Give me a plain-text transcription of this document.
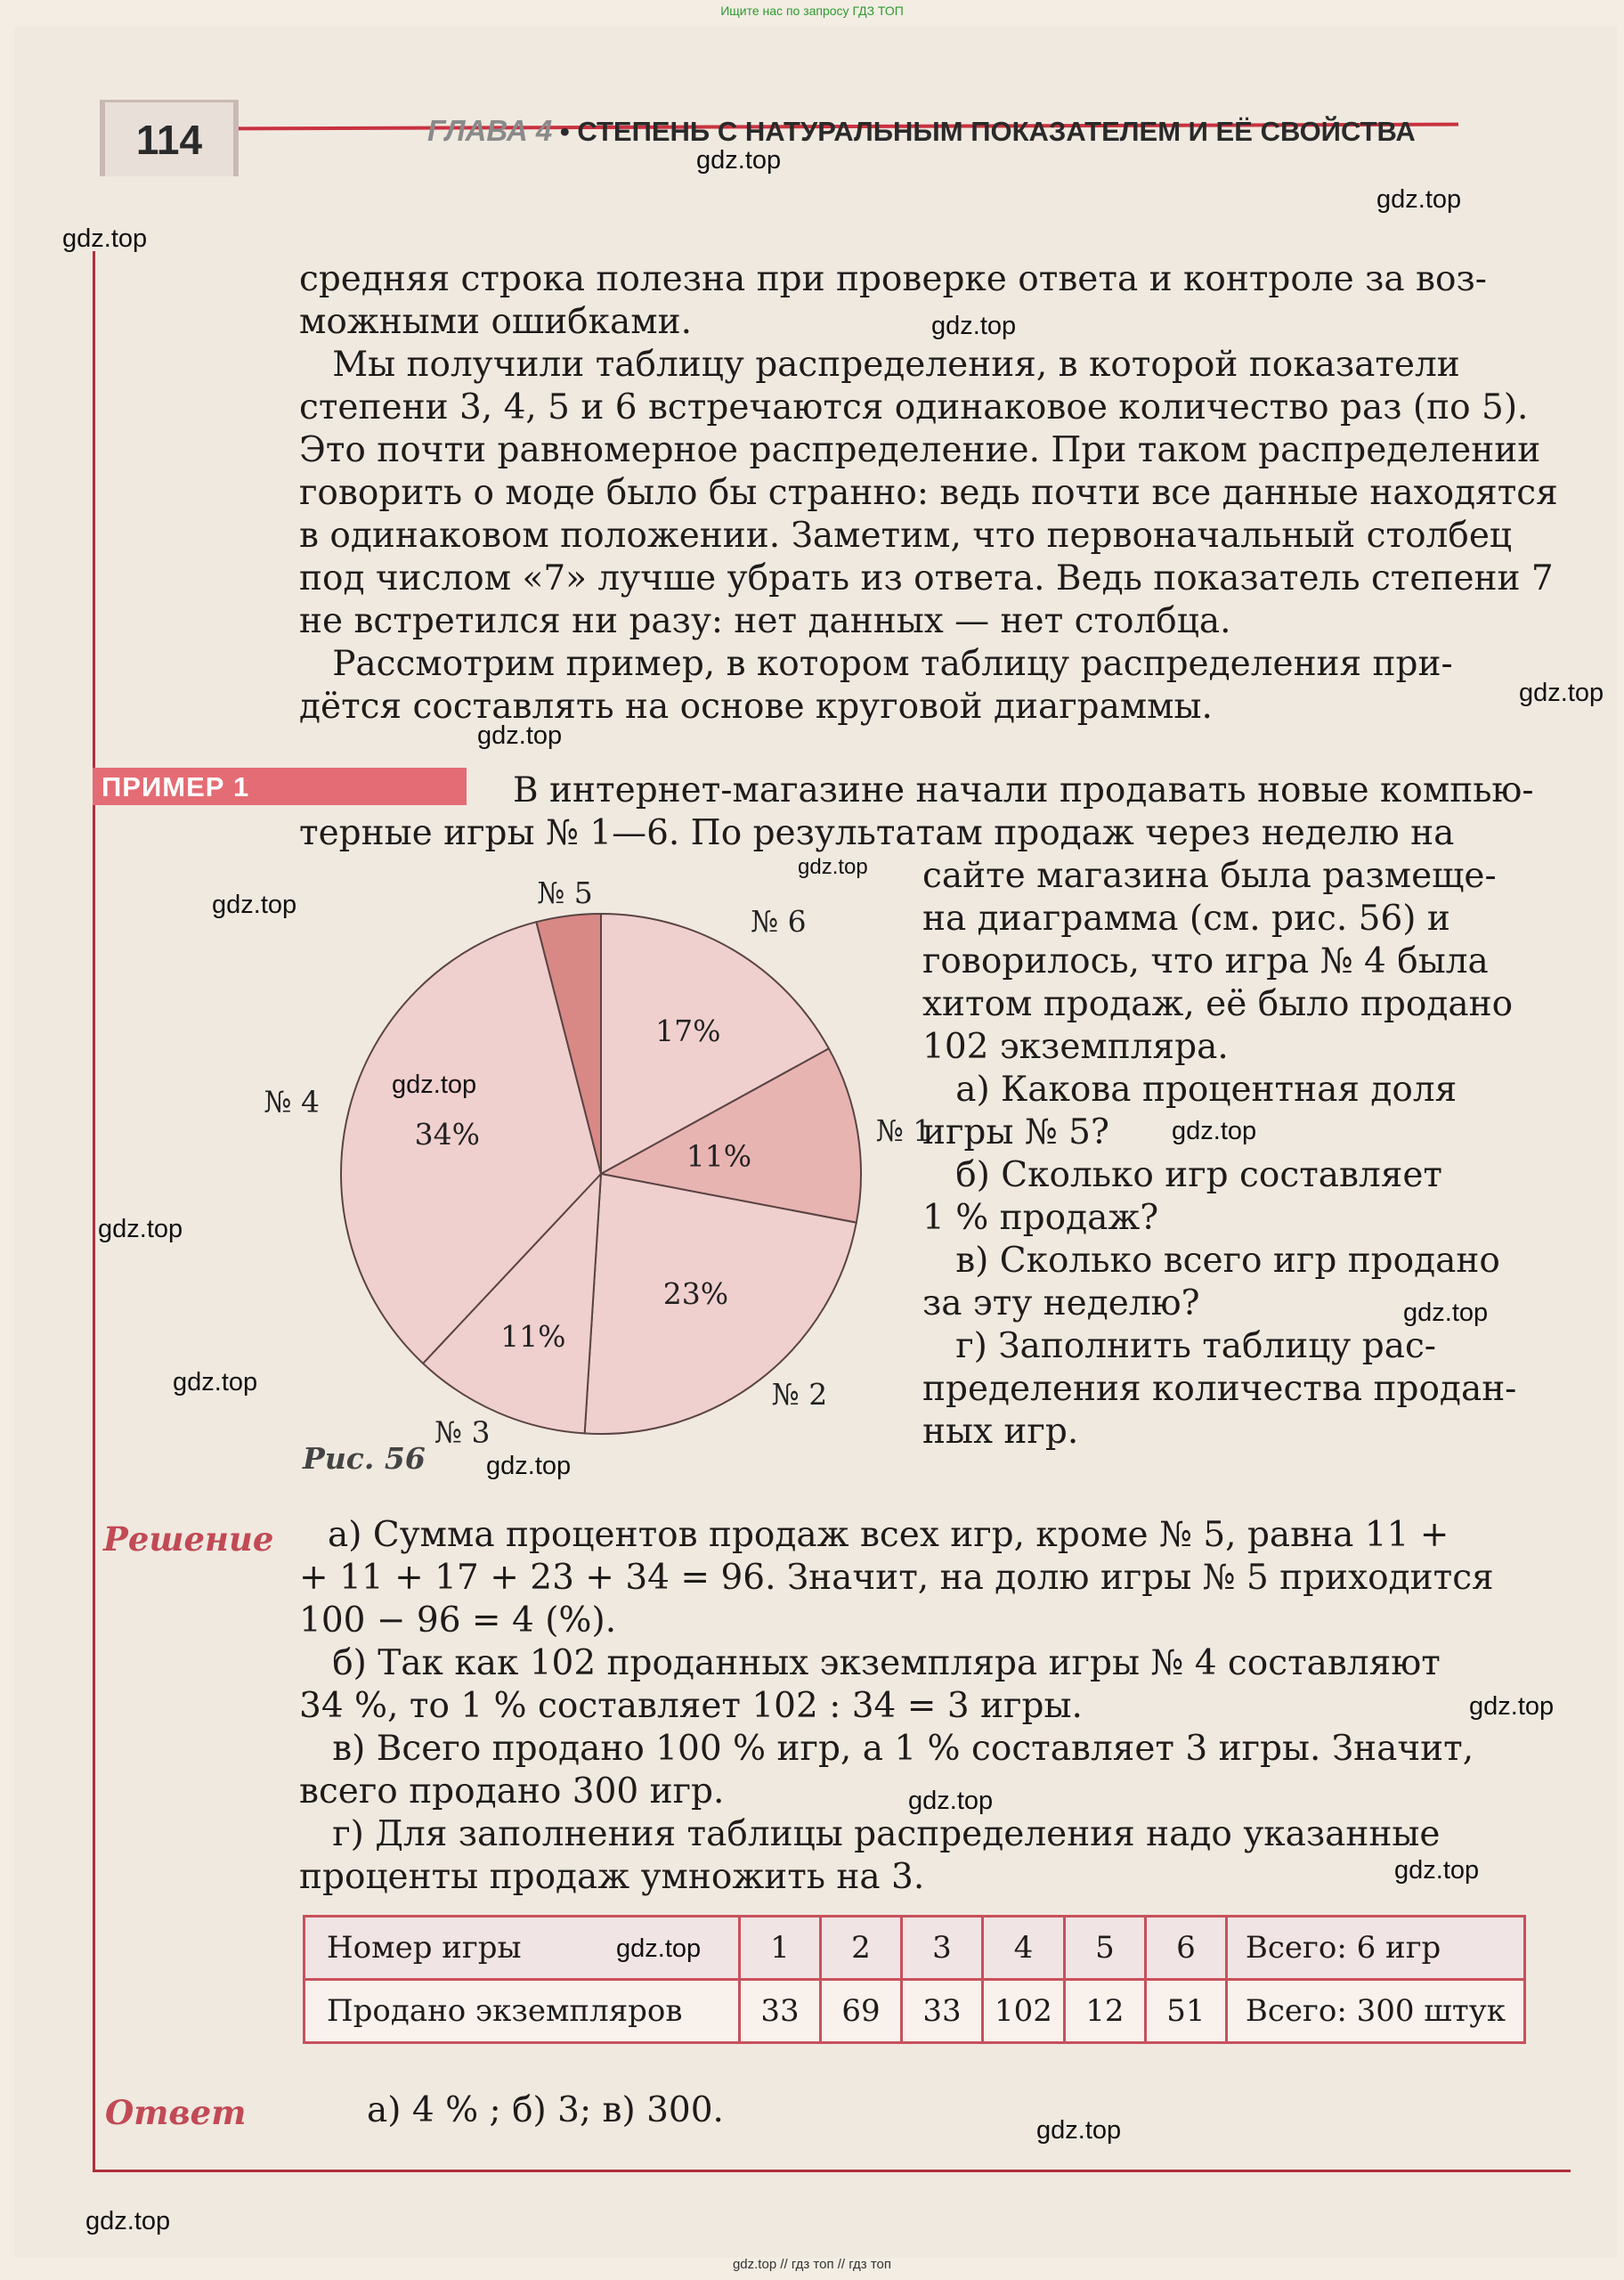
Ищите нас по запросу ГДЗ ТОП
114	ГЛАВА 4 • СТЕПЕНЬ С НАТУРАЛЬНЫМ ПОКАЗАТЕЛЕМ И ЕЁ СВОЙСТВА
средняя строка полезна при проверке ответа и контроле за воз-
можными ошибками.
Мы получили таблицу распределения, в которой показатели
степени 3, 4, 5 и 6 встречаются одинаковое количество раз (по 5).
Это почти равномерное распределение. При таком распределении
говорить о моде было бы странно: ведь почти все данные находятся
в одинаковом положении. Заметим, что первоначальный столбец
под числом «7» лучше убрать из ответа. Ведь показатель степени 7
не встретился ни разу: нет данных — нет столбца.
Рассмотрим пример, в котором таблицу распределения при-
дётся составлять на основе круговой диаграммы.
ПРИМЕР 1	В интернет-магазине начали продавать новые компью-
терные игры № 1—6. По результатам продаж через неделю на
сайте магазина была размеще-
на диаграмма (см. рис. 56) и
говорилось, что игра № 4 была
хитом продаж, её было продано
102 экземпляра.
а) Какова процентная доля
игры № 5?
б) Сколько игр составляет
1 % продаж?
в) Сколько всего игр продано
за эту неделю?
г) Заполнить таблицу рас-
пределения количества продан-
ных игр.
17%
11%
23%
11%
34%
№ 6
№ 1
№ 2
№ 3
№ 4
№ 5
Рис. 56
Решение	а) Сумма процентов продаж всех игр, кроме № 5, равна 11 +
+ 11 + 17 + 23 + 34 = 96. Значит, на долю игры № 5 приходится
100 − 96 = 4 (%).
б) Так как 102 проданных экземпляра игры № 4 составляют
34 %, то 1 % составляет 102 : 34 = 3 игры.
в) Всего продано 100 % игр, а 1 % составляет 3 игры. Значит,
всего продано 300 игр.
г) Для заполнения таблицы распределения надо указанные
проценты продаж умножить на 3.
Номер игры	1	2	3	4	5	6	Всего: 6 игр
Продано экземпляров	33	69	33	102	12	51	Всего: 300 штук
Ответ	а) 4 % ; б) 3; в) 300.
gdz.top
gdz.top
gdz.top
gdz.top
gdz.top
gdz.top
gdz.top
gdz.top
gdz.top
gdz.top
gdz.top
gdz.top
gdz.top
gdz.top
gdz.top
gdz.top
gdz.top
gdz.top
gdz.top
gdz.top
gdz.top // гдз топ // гдз топ
